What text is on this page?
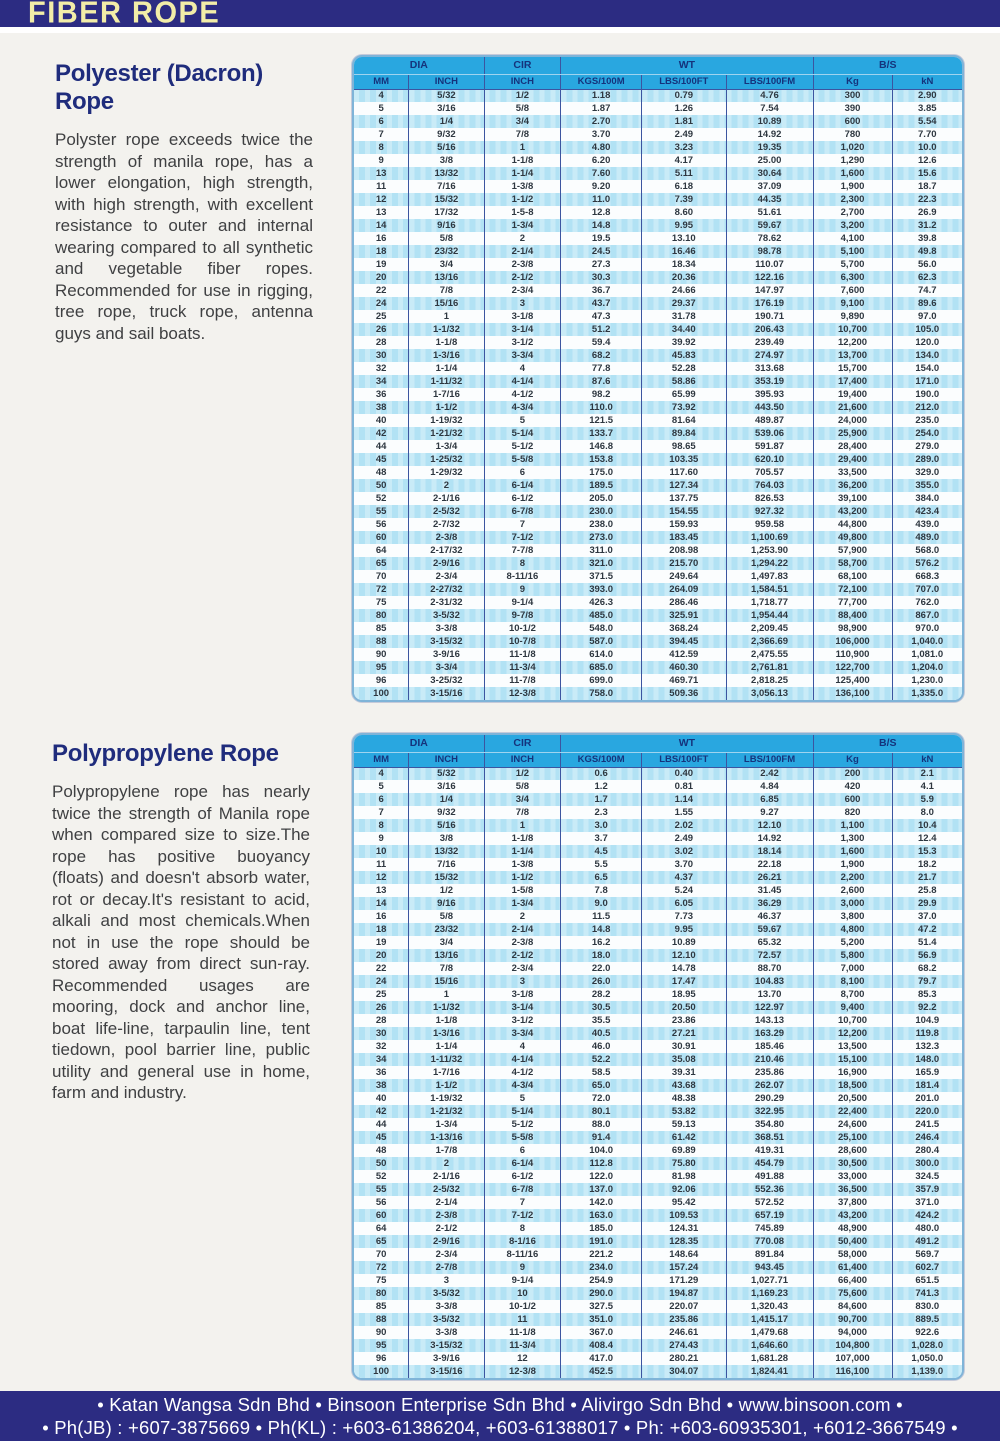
FIBER ROPE
Polyester (Dacron) Rope

Polyster rope exceeds twice the strength of manila rope, has a lower elongation, high strength, with high strength, with excellent resistance to outer and internal wearing compared to all synthetic and vegetable fiber ropes. Recommended for use in rigging, tree rope, truck rope, antenna guys and sail boats.

DIA		CIR	WT			B/S	
MM	INCH	INCH	KGS/100M	LBS/100FT	LBS/100FM	Kg	kN
4	5/32	1/2	1.18	0.79	4.76	300	2.90
5	3/16	5/8	1.87	1.26	7.54	390	3.85
6	1/4	3/4	2.70	1.81	10.89	600	5.54
7	9/32	7/8	3.70	2.49	14.92	780	7.70
8	5/16	1	4.80	3.23	19.35	1,020	10.0
9	3/8	1-1/8	6.20	4.17	25.00	1,290	12.6
13	13/32	1-1/4	7.60	5.11	30.64	1,600	15.6
11	7/16	1-3/8	9.20	6.18	37.09	1,900	18.7
12	15/32	1-1/2	11.0	7.39	44.35	2,300	22.3
13	17/32	1-5-8	12.8	8.60	51.61	2,700	26.9
14	9/16	1-3/4	14.8	9.95	59.67	3,200	31.2
16	5/8	2	19.5	13.10	78.62	4,100	39.8
18	23/32	2-1/4	24.5	16.46	98.78	5,100	49.8
19	3/4	2-3/8	27.3	18.34	110.07	5,700	56.0
20	13/16	2-1/2	30.3	20.36	122.16	6,300	62.3
22	7/8	2-3/4	36.7	24.66	147.97	7,600	74.7
24	15/16	3	43.7	29.37	176.19	9,100	89.6
25	1	3-1/8	47.3	31.78	190.71	9,890	97.0
26	1-1/32	3-1/4	51.2	34.40	206.43	10,700	105.0
28	1-1/8	3-1/2	59.4	39.92	239.49	12,200	120.0
30	1-3/16	3-3/4	68.2	45.83	274.97	13,700	134.0
32	1-1/4	4	77.8	52.28	313.68	15,700	154.0
34	1-11/32	4-1/4	87.6	58.86	353.19	17,400	171.0
36	1-7/16	4-1/2	98.2	65.99	395.93	19,400	190.0
38	1-1/2	4-3/4	110.0	73.92	443.50	21,600	212.0
40	1-19/32	5	121.5	81.64	489.87	24,000	235.0
42	1-21/32	5-1/4	133.7	89.84	539.06	25,900	254.0
44	1-3/4	5-1/2	146.8	98.65	591.87	28,400	279.0
45	1-25/32	5-5/8	153.8	103.35	620.10	29,400	289.0
48	1-29/32	6	175.0	117.60	705.57	33,500	329.0
50	2	6-1/4	189.5	127.34	764.03	36,200	355.0
52	2-1/16	6-1/2	205.0	137.75	826.53	39,100	384.0
55	2-5/32	6-7/8	230.0	154.55	927.32	43,200	423.4
56	2-7/32	7	238.0	159.93	959.58	44,800	439.0
60	2-3/8	7-1/2	273.0	183.45	1,100.69	49,800	489.0
64	2-17/32	7-7/8	311.0	208.98	1,253.90	57,900	568.0
65	2-9/16	8	321.0	215.70	1,294.22	58,700	576.2
70	2-3/4	8-11/16	371.5	249.64	1,497.83	68,100	668.3
72	2-27/32	9	393.0	264.09	1,584.51	72,100	707.0
75	2-31/32	9-1/4	426.3	286.46	1,718.77	77,700	762.0
80	3-5/32	9-7/8	485.0	325.91	1,954.44	88,400	867.0
85	3-3/8	10-1/2	548.0	368.24	2,209.45	98,900	970.0
88	3-15/32	10-7/8	587.0	394.45	2,366.69	106,000	1,040.0
90	3-9/16	11-1/8	614.0	412.59	2,475.55	110,900	1,081.0
95	3-3/4	11-3/4	685.0	460.30	2,761.81	122,700	1,204.0
96	3-25/32	11-7/8	699.0	469.71	2,818.25	125,400	1,230.0
100	3-15/16	12-3/8	758.0	509.36	3,056.13	136,100	1,335.0
Polypropylene Rope

Polypropylene rope has nearly twice the strength of Manila rope when compared size to size.The rope has positive buoyancy (floats) and doesn't absorb water, rot or decay.It's resistant to acid, alkali and most chemicals.When not in use the rope should be stored away from direct sun-ray. Recommended usages are mooring, dock and anchor line, boat life-line, tarpaulin line, tent tiedown, pool barrier line, public utility and general use in home, farm and industry.

DIA		CIR	WT			B/S	
MM	INCH	INCH	KGS/100M	LBS/100FT	LBS/100FM	Kg	kN
4	5/32	1/2	0.6	0.40	2.42	200	2.1
5	3/16	5/8	1.2	0.81	4.84	420	4.1
6	1/4	3/4	1.7	1.14	6.85	600	5.9
7	9/32	7/8	2.3	1.55	9.27	820	8.0
8	5/16	1	3.0	2.02	12.10	1,100	10.4
9	3/8	1-1/8	3.7	2.49	14.92	1,300	12.4
10	13/32	1-1/4	4.5	3.02	18.14	1,600	15.3
11	7/16	1-3/8	5.5	3.70	22.18	1,900	18.2
12	15/32	1-1/2	6.5	4.37	26.21	2,200	21.7
13	1/2	1-5/8	7.8	5.24	31.45	2,600	25.8
14	9/16	1-3/4	9.0	6.05	36.29	3,000	29.9
16	5/8	2	11.5	7.73	46.37	3,800	37.0
18	23/32	2-1/4	14.8	9.95	59.67	4,800	47.2
19	3/4	2-3/8	16.2	10.89	65.32	5,200	51.4
20	13/16	2-1/2	18.0	12.10	72.57	5,800	56.9
22	7/8	2-3/4	22.0	14.78	88.70	7,000	68.2
24	15/16	3	26.0	17.47	104.83	8,100	79.7
25	1	3-1/8	28.2	18.95	13.70	8,700	85.3
26	1-1/32	3-1/4	30.5	20.50	122.97	9,400	92.2
28	1-1/8	3-1/2	35.5	23.86	143.13	10,700	104.9
30	1-3/16	3-3/4	40.5	27.21	163.29	12,200	119.8
32	1-1/4	4	46.0	30.91	185.46	13,500	132.3
34	1-11/32	4-1/4	52.2	35.08	210.46	15,100	148.0
36	1-7/16	4-1/2	58.5	39.31	235.86	16,900	165.9
38	1-1/2	4-3/4	65.0	43.68	262.07	18,500	181.4
40	1-19/32	5	72.0	48.38	290.29	20,500	201.0
42	1-21/32	5-1/4	80.1	53.82	322.95	22,400	220.0
44	1-3/4	5-1/2	88.0	59.13	354.80	24,600	241.5
45	1-13/16	5-5/8	91.4	61.42	368.51	25,100	246.4
48	1-7/8	6	104.0	69.89	419.31	28,600	280.4
50	2	6-1/4	112.8	75.80	454.79	30,500	300.0
52	2-1/16	6-1/2	122.0	81.98	491.88	33,000	324.5
55	2-5/32	6-7/8	137.0	92.06	552.36	36,500	357.9
56	2-1/4	7	142.0	95.42	572.52	37,800	371.0
60	2-3/8	7-1/2	163.0	109.53	657.19	43,200	424.2
64	2-1/2	8	185.0	124.31	745.89	48,900	480.0
65	2-9/16	8-1/16	191.0	128.35	770.08	50,400	491.2
70	2-3/4	8-11/16	221.2	148.64	891.84	58,000	569.7
72	2-7/8	9	234.0	157.24	943.45	61,400	602.7
75	3	9-1/4	254.9	171.29	1,027.71	66,400	651.5
80	3-5/32	10	290.0	194.87	1,169.23	75,600	741.3
85	3-3/8	10-1/2	327.5	220.07	1,320.43	84,600	830.0
88	3-5/32	11	351.0	235.86	1,415.17	90,700	889.5
90	3-3/8	11-1/8	367.0	246.61	1,479.68	94,000	922.6
95	3-15/32	11-3/4	408.4	274.43	1,646.60	104,800	1,028.0
96	3-9/16	12	417.0	280.21	1,681.28	107,000	1,050.0
100	3-15/16	12-3/8	452.5	304.07	1,824.41	116,100	1,139.0
• Katan Wangsa Sdn Bhd • Binsoon Enterprise Sdn Bhd • Alivirgo Sdn Bhd • www.binsoon.com •
• Ph(JB) : +607-3875669 • Ph(KL) : +603-61386204, +603-61388017 • Ph: +603-60935301, +6012-3667549 •
